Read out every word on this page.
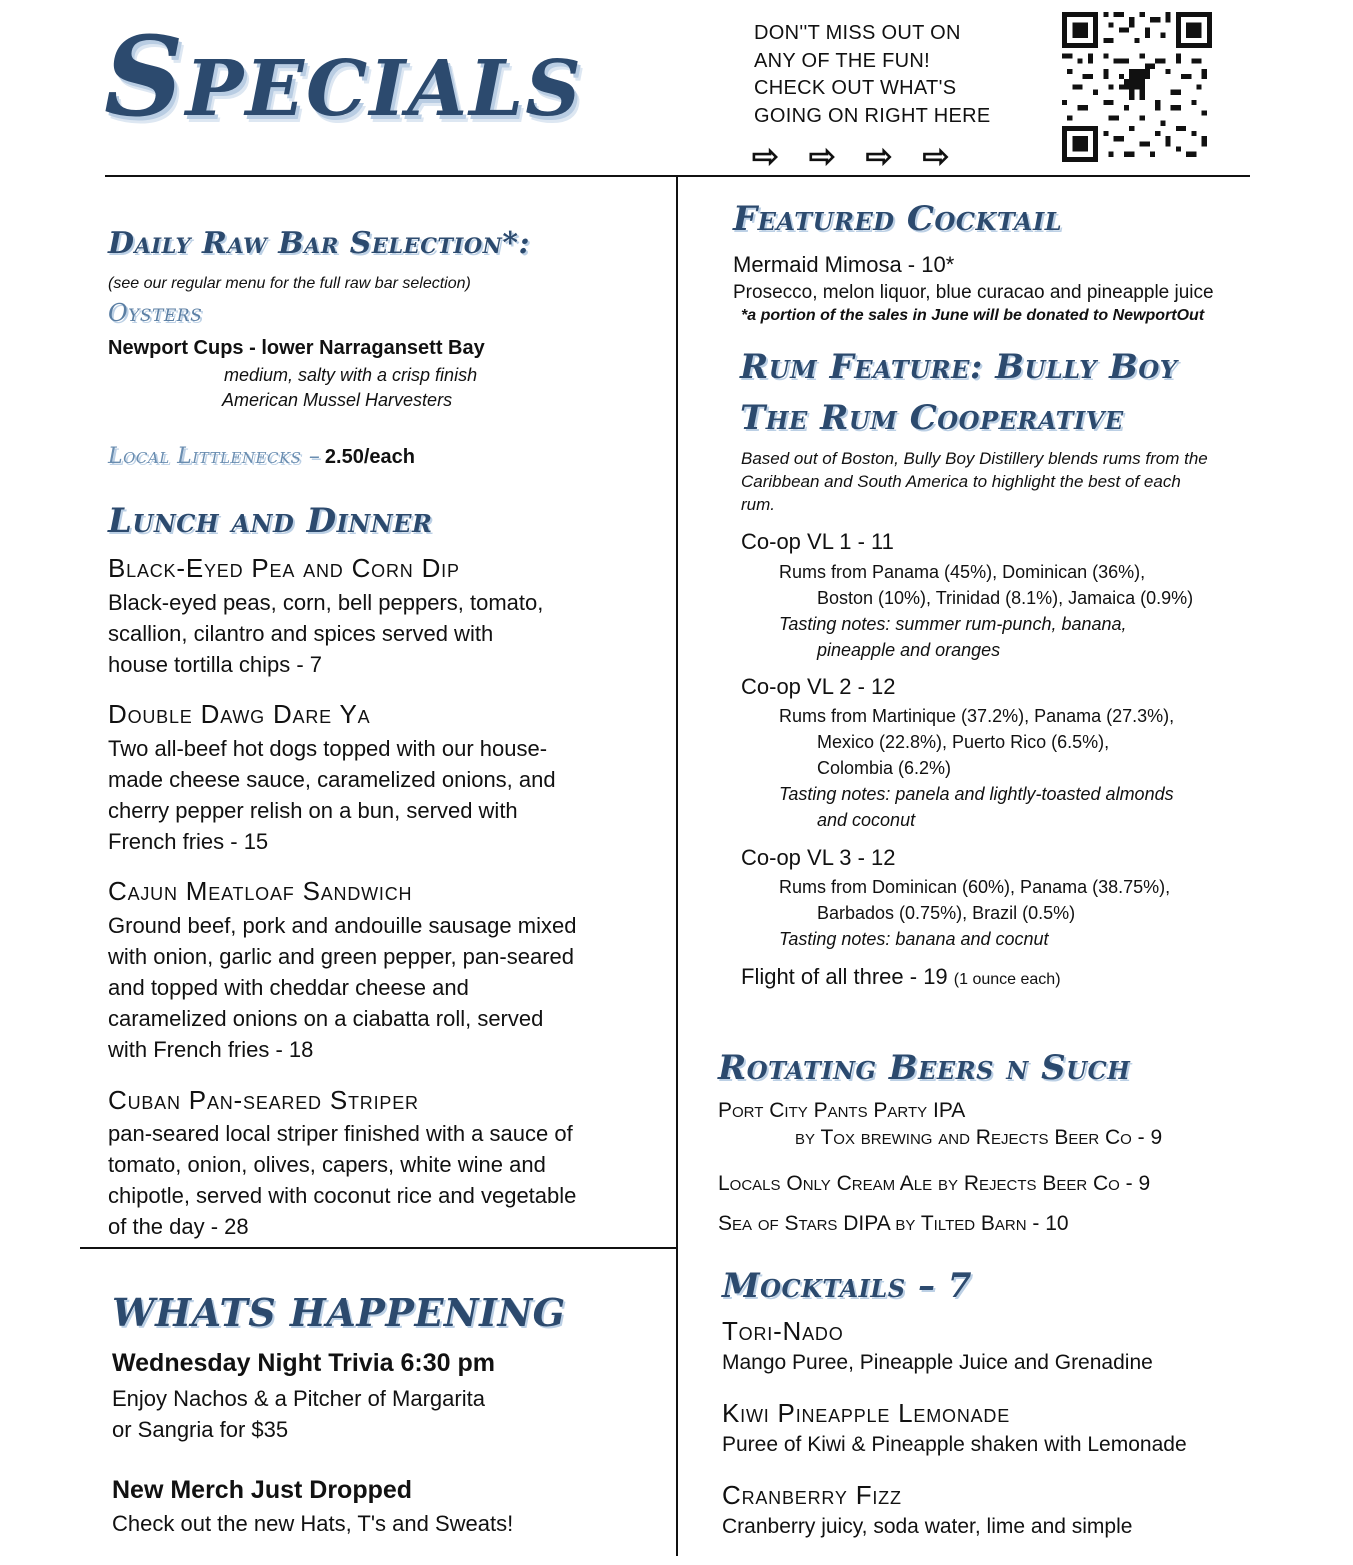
Specials	DON''T MISS OUT ON
ANY OF THE FUN!
CHECK OUT WHAT'S
GOING ON RIGHT HERE
⇨ ⇨ ⇨ ⇨
Daily Raw Bar Selection*:
(see our regular menu for the full raw bar selection)
Oysters
Newport Cups - lower Narragansett Bay
medium, salty with a crisp finish
American Mussel Harvesters
Local Littlenecks – 2.50/each
Lunch and Dinner
Black-Eyed Pea and Corn Dip
Black-eyed peas, corn, bell peppers, tomato,
scallion, cilantro and spices served with
house tortilla chips - 7
Double Dawg Dare Ya
Two all-beef hot dogs topped with our house-
made cheese sauce, caramelized onions, and
cherry pepper relish on a bun, served with
French fries - 15
Cajun Meatloaf Sandwich
Ground beef, pork and andouille sausage mixed
with onion, garlic and green pepper, pan-seared
and topped with cheddar cheese and
caramelized onions on a ciabatta roll, served
with French fries - 18
Cuban Pan-seared Striper
pan-seared local striper finished with a sauce of
tomato, onion, olives, capers, white wine and
chipotle, served with coconut rice and vegetable
of the day - 28
WHATS HAPPENING
Wednesday Night Trivia 6:30 pm
Enjoy Nachos & a Pitcher of Margarita
or Sangria for $35
New Merch Just Dropped
Check out the new Hats, T's and Sweats!
Featured Cocktail
Mermaid Mimosa - 10*
Prosecco, melon liquor, blue curacao and pineapple juice
*a portion of the sales in June will be donated to NewportOut
Rum Feature: Bully Boy
The Rum Cooperative
Based out of Boston, Bully Boy Distillery blends rums from the
Caribbean and South America to highlight the best of each
rum.
Co-op VL 1 - 11
Rums from Panama (45%), Dominican (36%),
Boston (10%), Trinidad (8.1%), Jamaica (0.9%)
Tasting notes: summer rum-punch, banana,
pineapple and oranges
Co-op VL 2 - 12
Rums from Martinique (37.2%), Panama (27.3%),
Mexico (22.8%), Puerto Rico (6.5%),
Colombia (6.2%)
Tasting notes: panela and lightly-toasted almonds
and coconut
Co-op VL 3 - 12
Rums from Dominican (60%), Panama (38.75%),
Barbados (0.75%), Brazil (0.5%)
Tasting notes: banana and cocnut
Flight of all three - 19 (1 ounce each)
Rotating Beers n Such
Port City Pants Party IPA
by Tox brewing and Rejects Beer Co - 9
Locals Only Cream Ale by Rejects Beer Co - 9
Sea of Stars DIPA by Tilted Barn - 10
Mocktails – 7
Tori-Nado
Mango Puree, Pineapple Juice and Grenadine
Kiwi Pineapple Lemonade
Puree of Kiwi & Pineapple shaken with Lemonade
Cranberry Fizz
Cranberry juicy, soda water, lime and simple
